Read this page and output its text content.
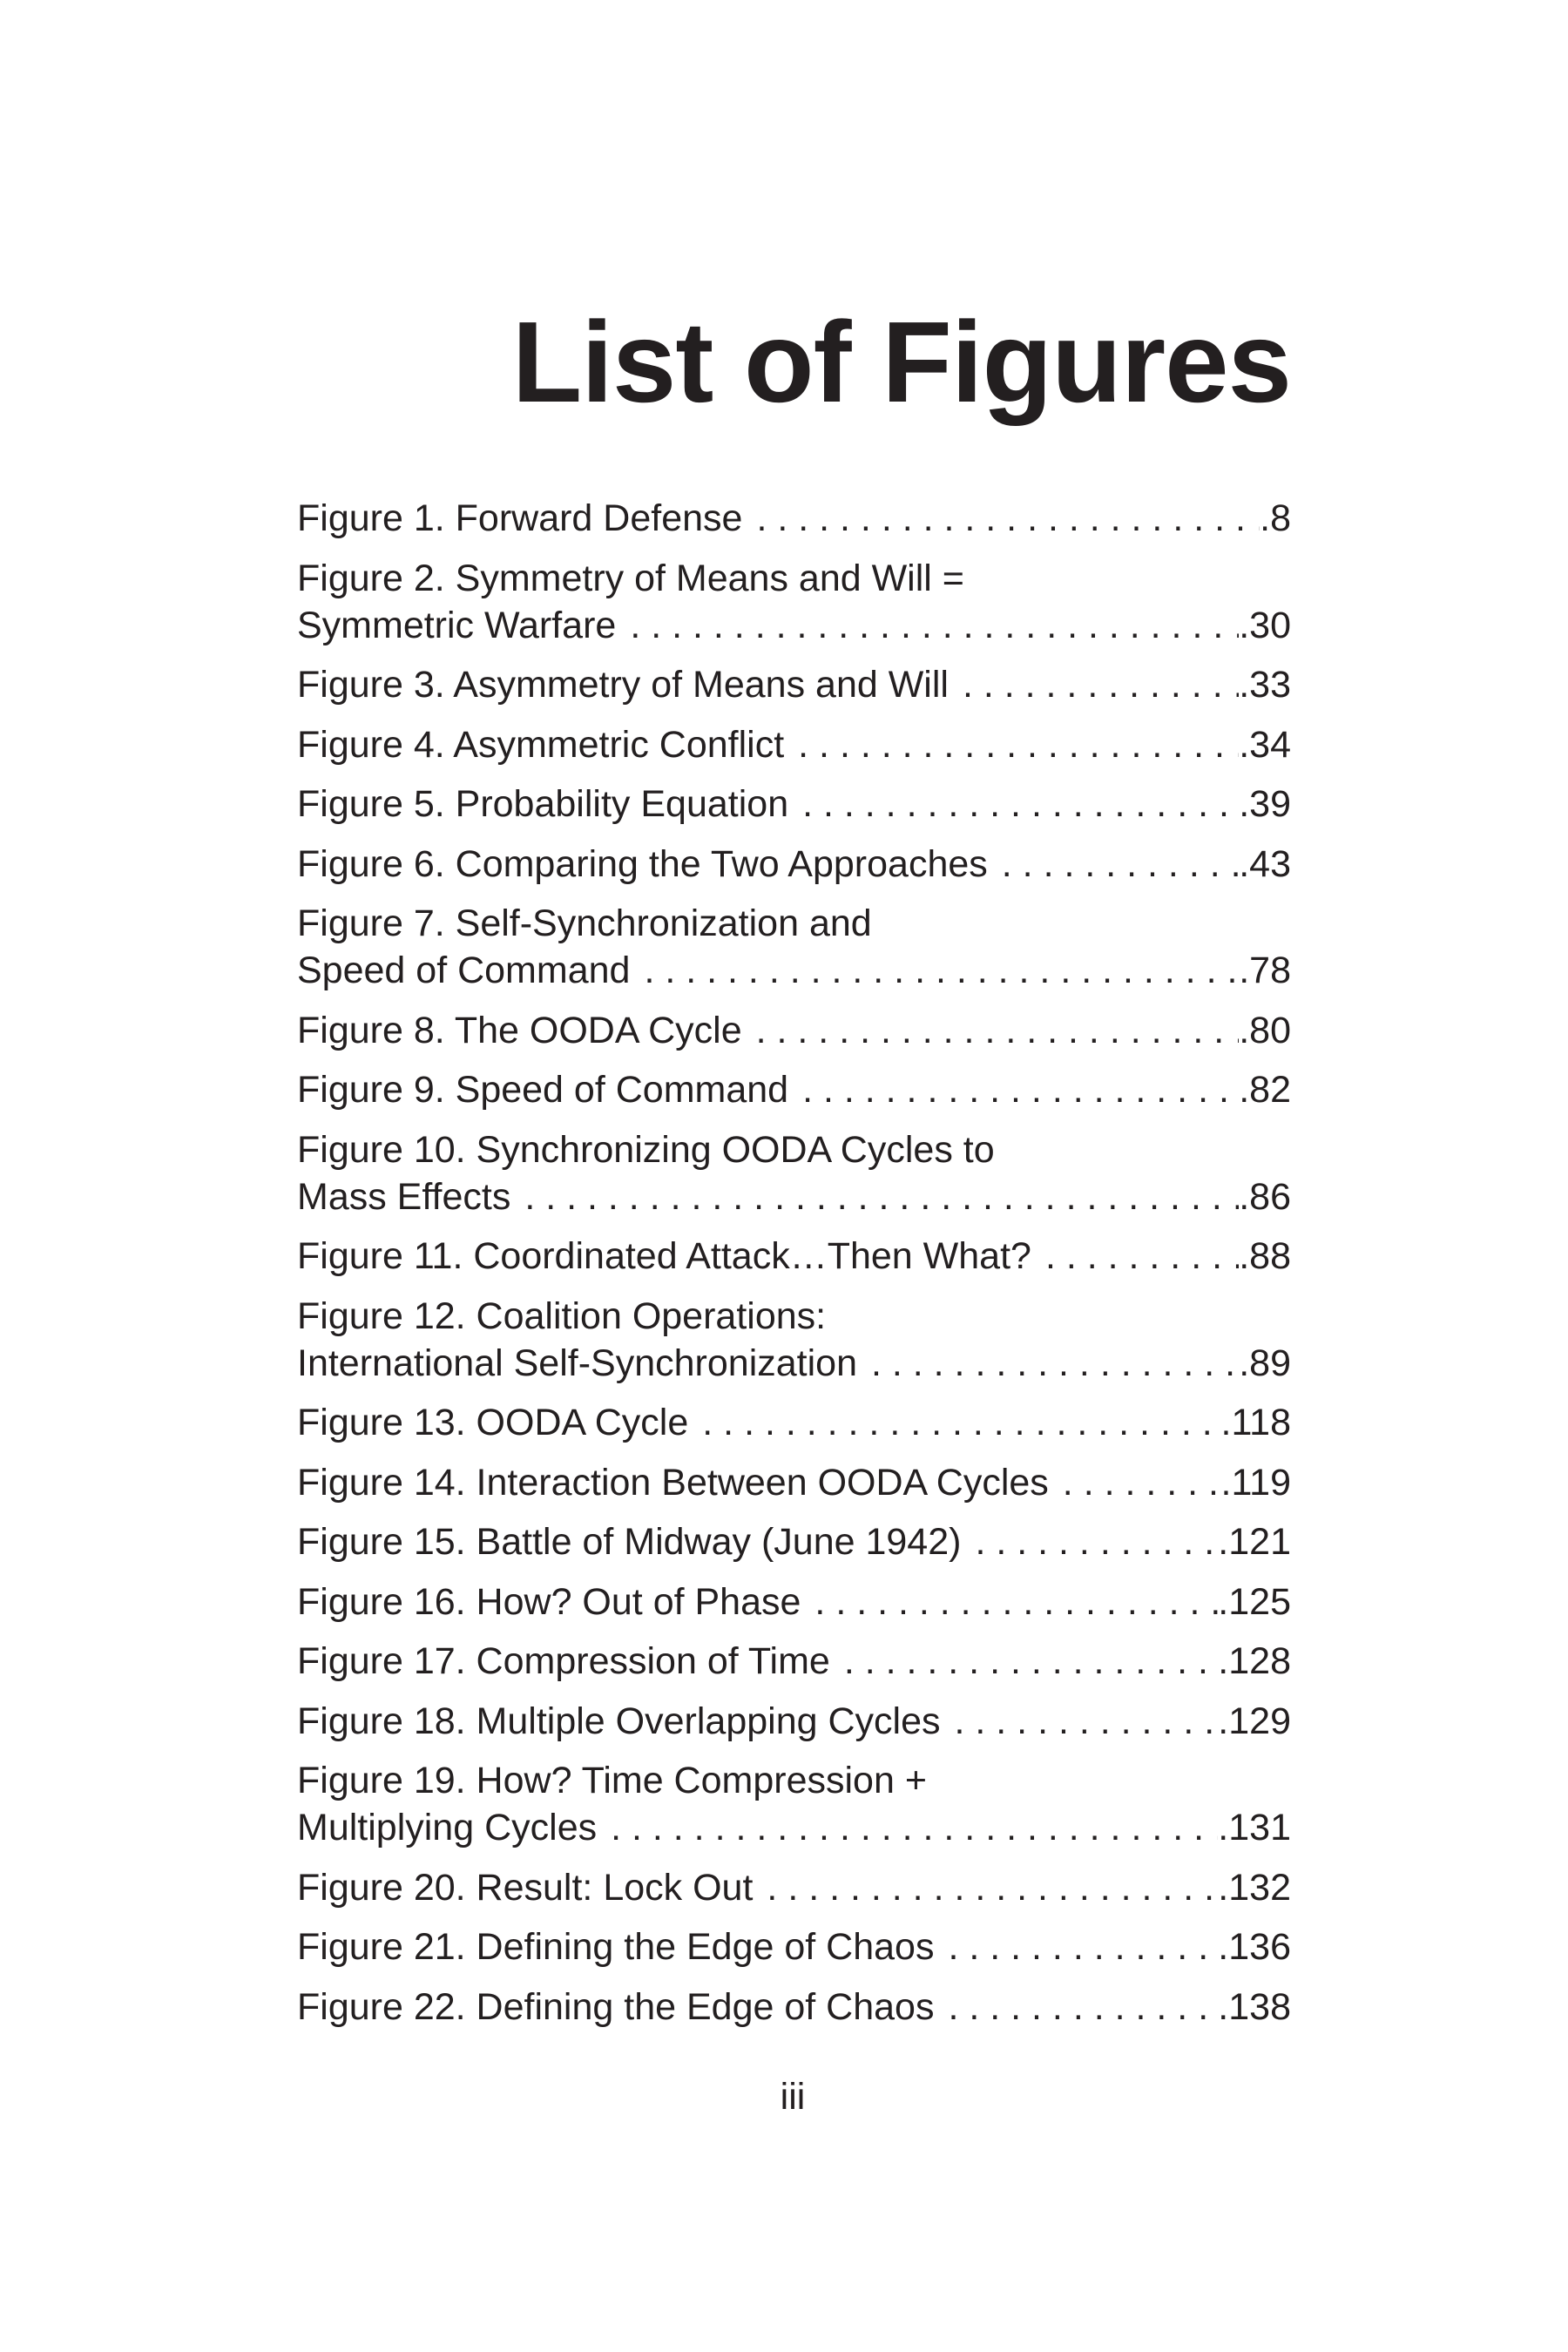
List of Figures
Figure 1. Forward Defense . . .	.8
Figure 2. Symmetry of Means and Will =
Symmetric Warfare . . .	.30
Figure 3. Asymmetry of Means and Will . . .	.33
Figure 4. Asymmetric Conflict . . .	.34
Figure 5. Probability Equation . . .	.39
Figure 6. Comparing the Two Approaches . . .	.43
Figure 7. Self-Synchronization and
Speed of Command . . .	.78
Figure 8. The OODA Cycle . . .	.80
Figure 9. Speed of Command . . .	.82
Figure 10. Synchronizing OODA Cycles to
Mass Effects . . .	.86
Figure 11. Coordinated Attack…Then What? . . .	.88
Figure 12. Coalition Operations:
International Self-Synchronization . . .	.89
Figure 13. OODA Cycle . . .	.118
Figure 14. Interaction Between OODA Cycles . . .	.119
Figure 15. Battle of Midway (June 1942) . . .	.121
Figure 16. How? Out of Phase . . .	.125
Figure 17. Compression of Time . . .	.128
Figure 18. Multiple Overlapping Cycles . . .	.129
Figure 19. How? Time Compression +
Multiplying Cycles . . .	.131
Figure 20. Result: Lock Out . . .	.132
Figure 21. Defining the Edge of Chaos . . .	.136
Figure 22. Defining the Edge of Chaos . . .	.138
iii
